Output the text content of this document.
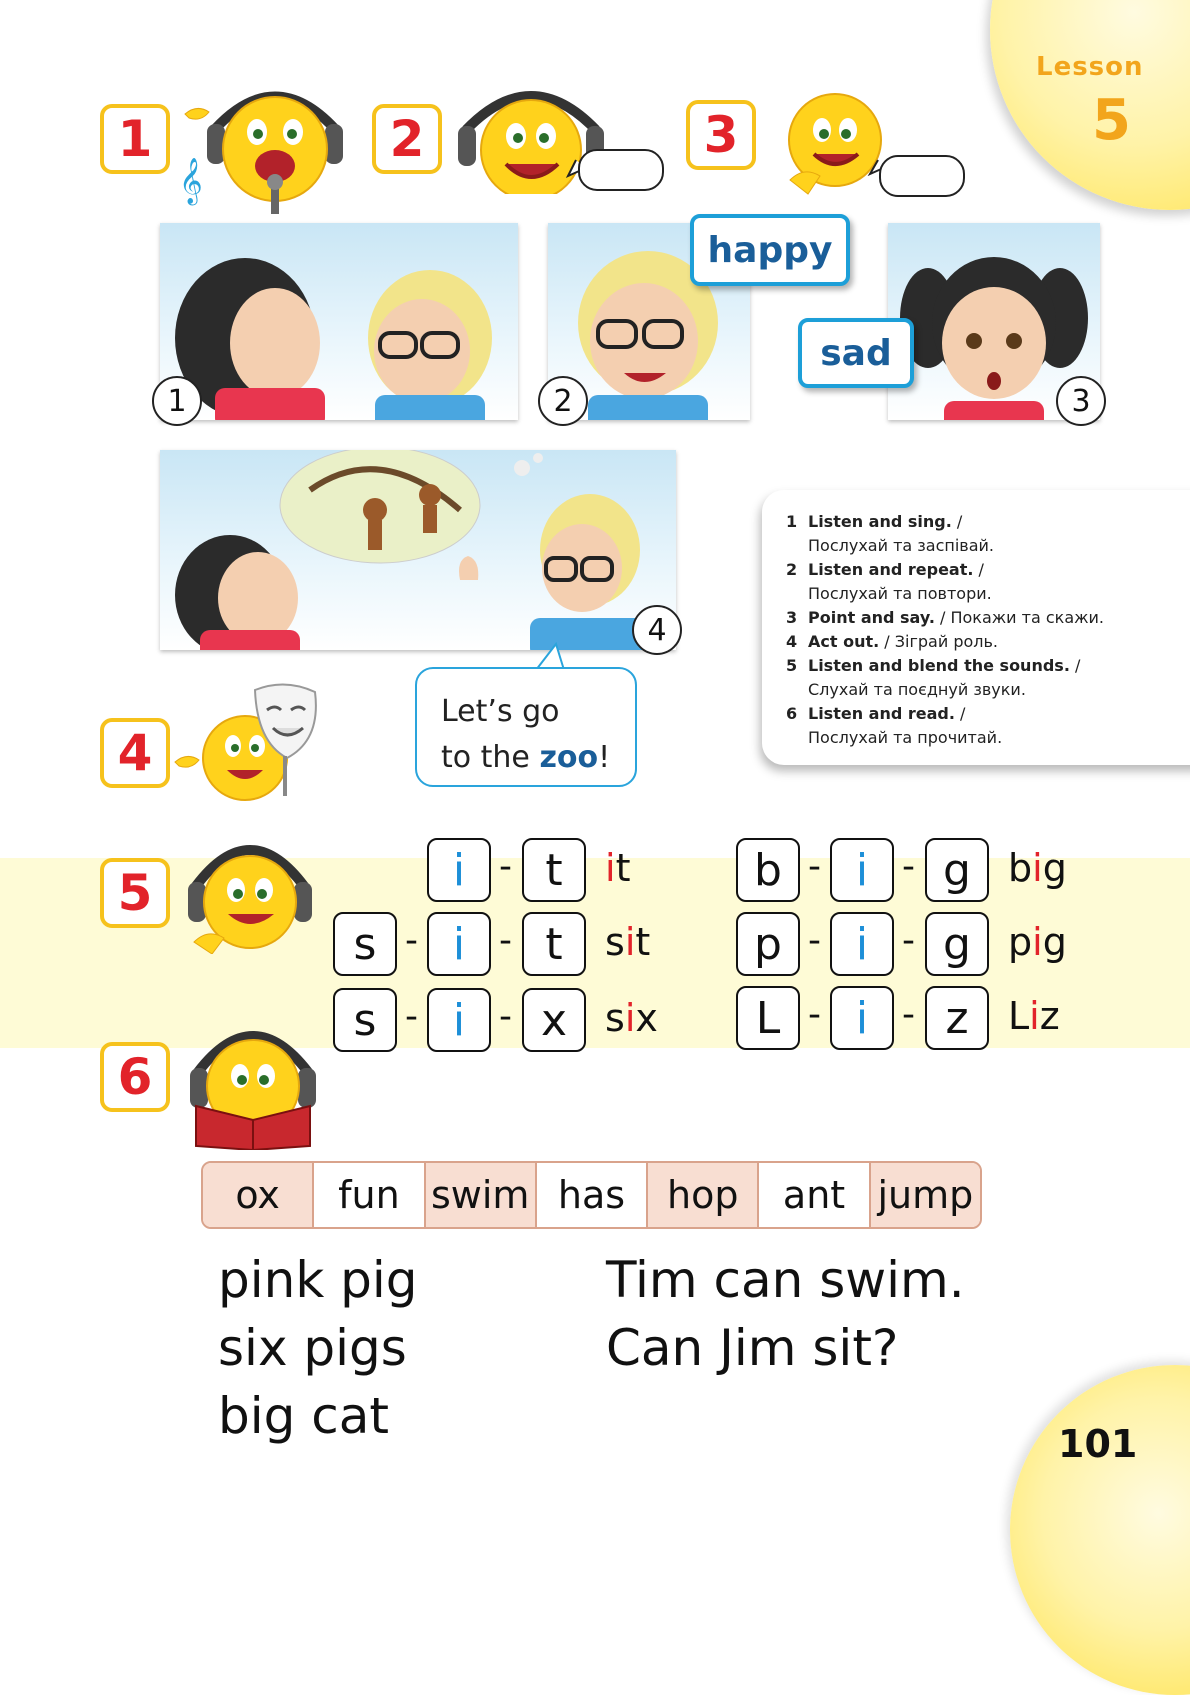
Lesson
5
1
𝄞
2	3
1	2	3
happy
sad
4
Let’s go
to the zoo!
1 Listen and sing. /
Послухай та заспівай.
2 Listen and repeat. /
Послухай та повтори.
3 Point and say. / Покажи та скажи.
4 Act out. / Зіграй роль.
5 Listen and blend the sounds. /
Слухай та поєднуй звуки.
6 Listen and read. /
Послухай та прочитай.
4
5	i - t	it
s - i - t	sit
s - i - x six
b - i - g big
p - i - g pig
L - i - z	Liz
6
ox	fun swim has	hop	ant jump
pink pig
six pigs
big cat
Tim can swim.
Can Jim sit?
101
